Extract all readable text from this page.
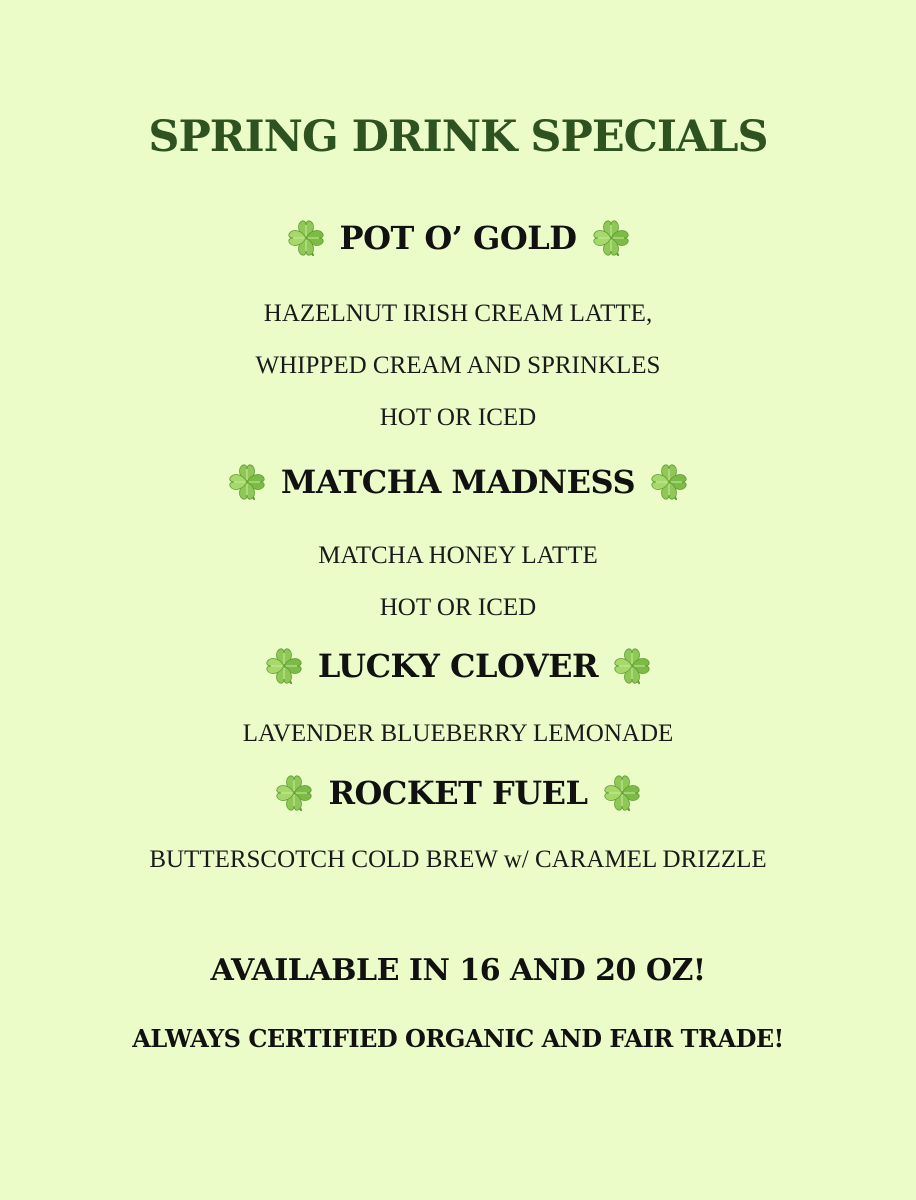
SPRING DRINK SPECIALS
POT O’ GOLD
HAZELNUT IRISH CREAM LATTE,
WHIPPED CREAM AND SPRINKLES
HOT OR ICED
MATCHA MADNESS
MATCHA HONEY LATTE
HOT OR ICED
LUCKY CLOVER
LAVENDER BLUEBERRY LEMONADE
ROCKET FUEL
BUTTERSCOTCH COLD BREW w/ CARAMEL DRIZZLE
AVAILABLE IN 16 AND 20 OZ!
ALWAYS CERTIFIED ORGANIC AND FAIR TRADE!
